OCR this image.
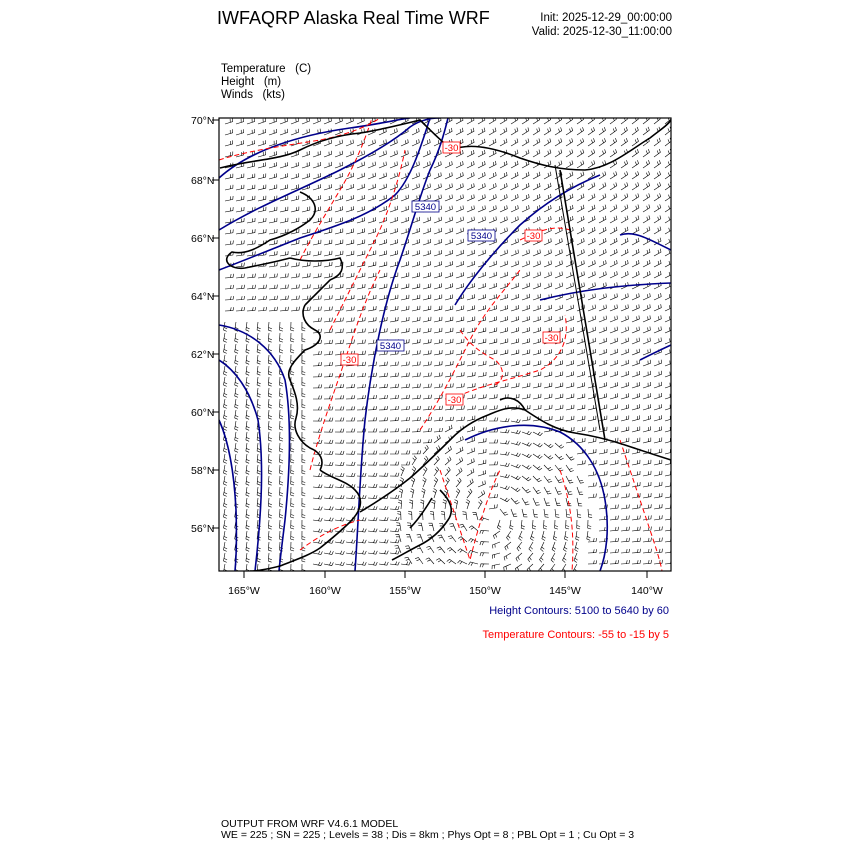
IWFAQRP Alaska Real Time WRF	Init: 2025-12-29_00:00:00
Valid: 2025-12-30_11:00:00
Temperature (C)
Height (m)
Winds (kts)
70°N
68°N
66°N
64°N
62°N
60°N
58°N
56°N
165°W	160°W	155°W	150°W	145°W	140°W
5340
5340
5340
-30
-30
-30
-30
-30
Height Contours: 5100 to 5640 by 60
Temperature Contours: -55 to -15 by 5
OUTPUT FROM WRF V4.6.1 MODEL
WE = 225 ; SN = 225 ; Levels = 38 ; Dis = 8km ; Phys Opt = 8 ; PBL Opt = 1 ; Cu Opt = 3
